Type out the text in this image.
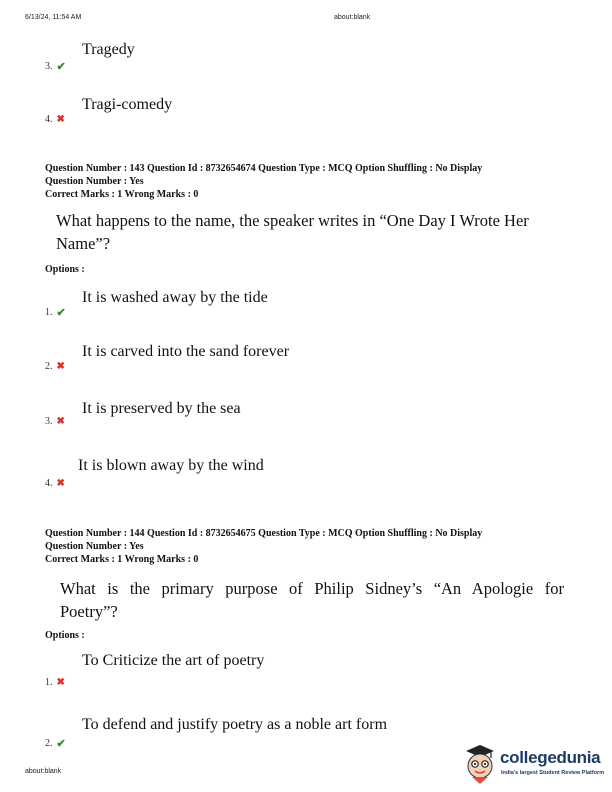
6/13/24, 11:54 AM	about:blank
Tragedy
3. ✔
Tragi-comedy
4. ✖
Question Number : 143 Question Id : 8732654674 Question Type : MCQ Option Shuffling : No Display
Question Number : Yes
Correct Marks : 1 Wrong Marks : 0
What happens to the name, the speaker writes in “One Day I Wrote Her
Name”?
Options :
It is washed away by the tide
1. ✔
It is carved into the sand forever
2. ✖
It is preserved by the sea
3. ✖
It is blown away by the wind
4. ✖
Question Number : 144 Question Id : 8732654675 Question Type : MCQ Option Shuffling : No Display
Question Number : Yes
Correct Marks : 1 Wrong Marks : 0
What is the primary purpose of Philip Sidney’s “An Apologie for
Poetry”?
Options :
To Criticize the art of poetry
1. ✖
To defend and justify poetry as a noble art form
2. ✔
about:blank
collegedunia
India's largest Student Review Platform
